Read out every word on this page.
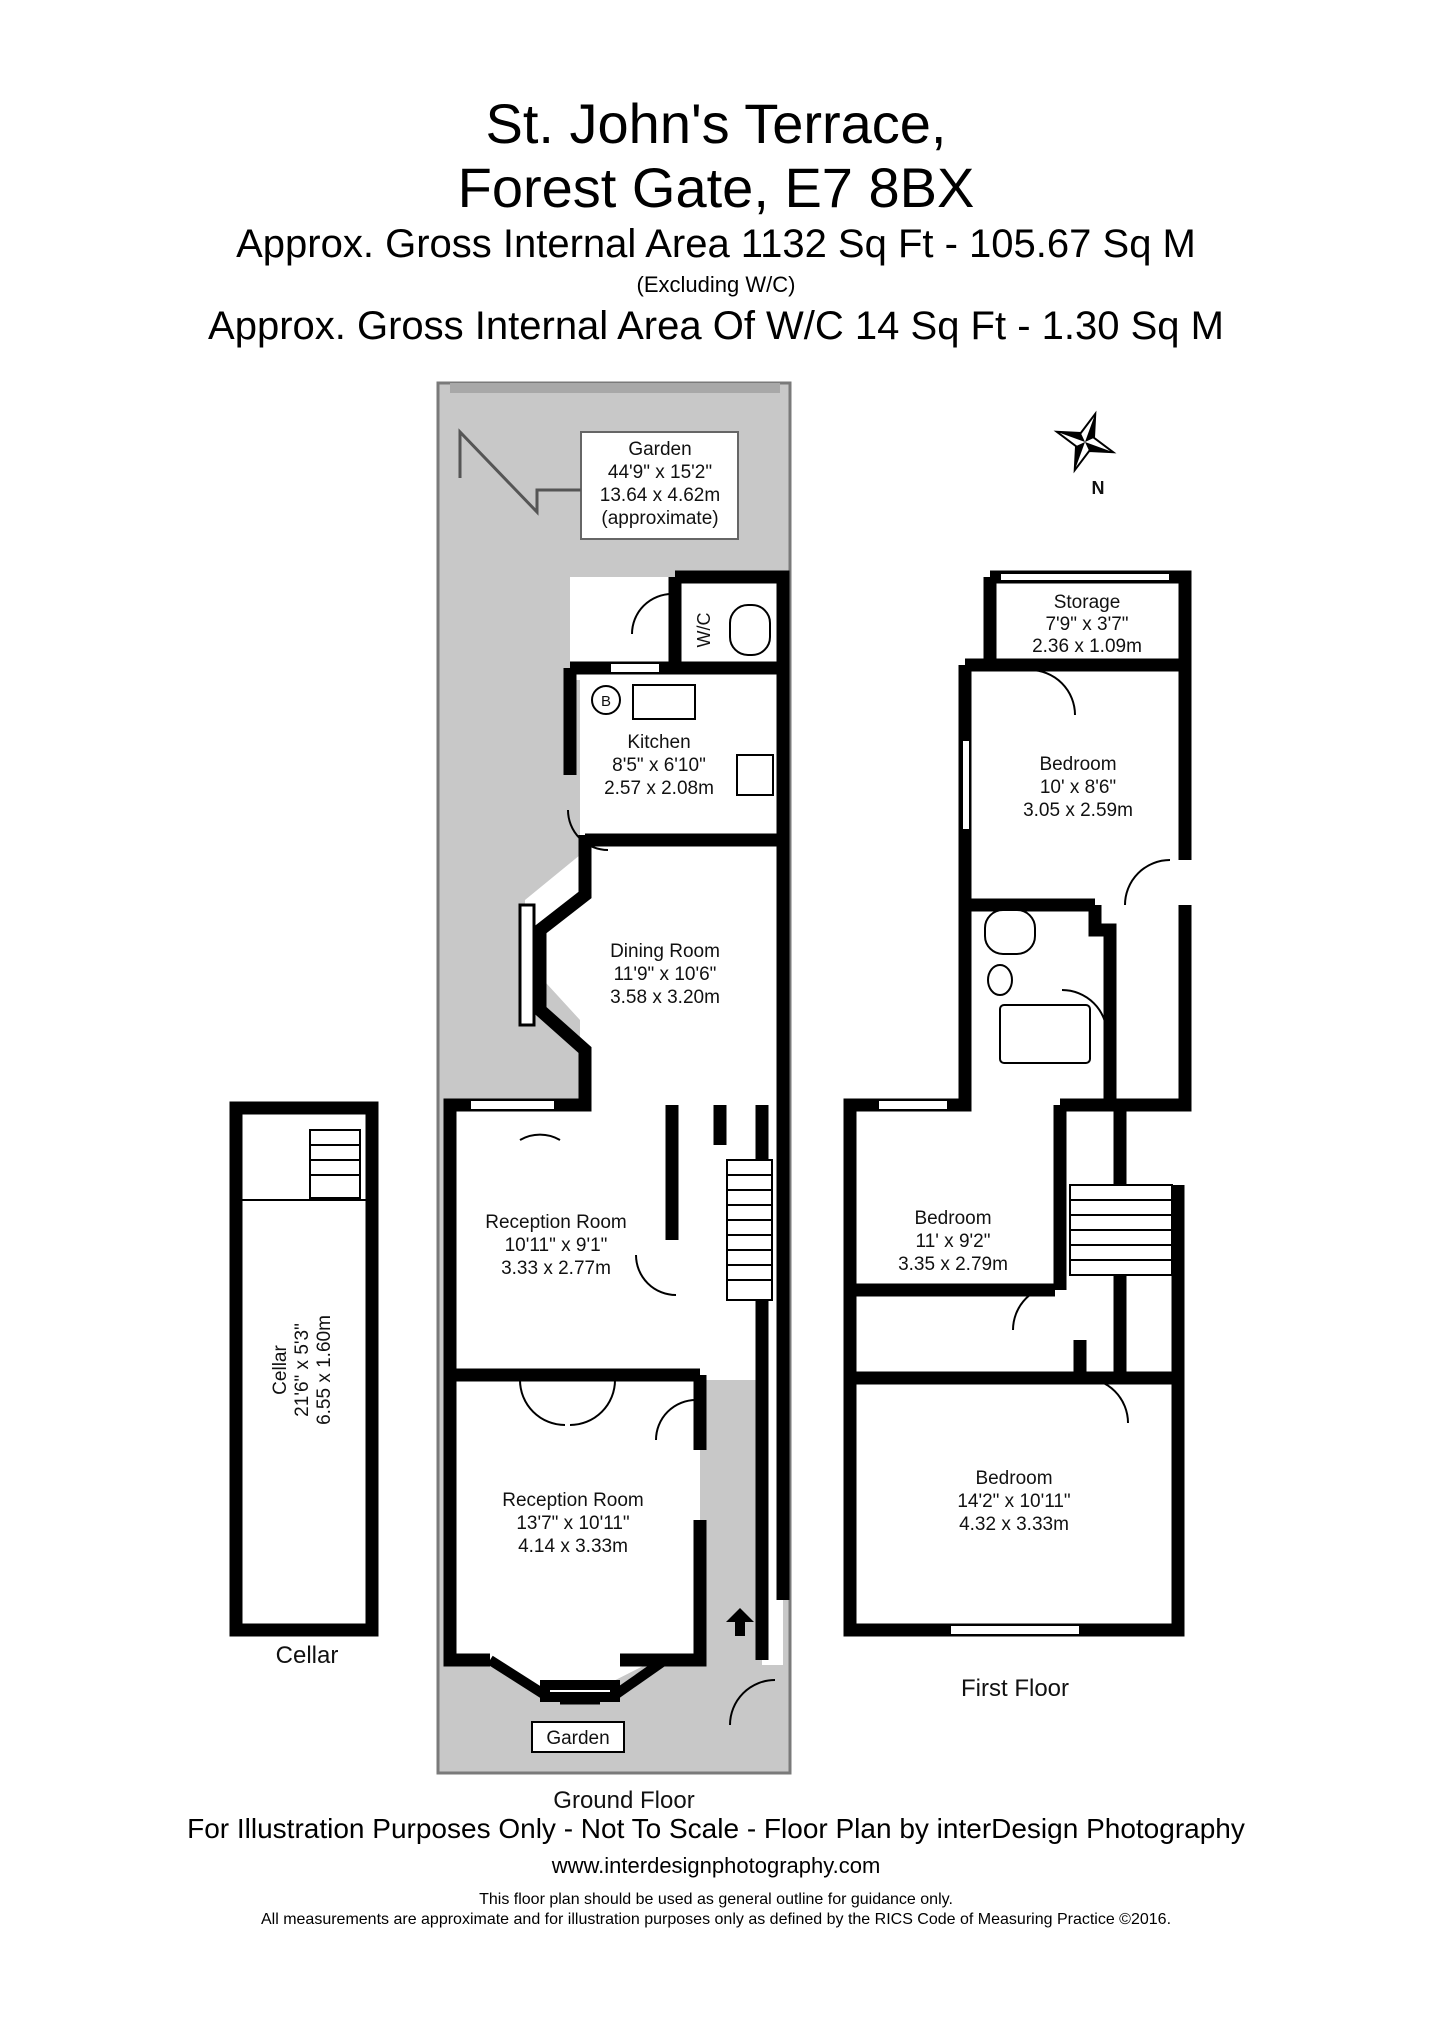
St. John's Terrace,
Forest Gate, E7 8BX
Approx. Gross Internal Area 1132 Sq Ft - 105.67 Sq M
(Excluding W/C)
Approx. Gross Internal Area Of W/C 14 Sq Ft - 1.30 Sq M
N
Garden
44'9" x 15'2"
13.64 x 4.62m
(approximate)
W/C
B
Kitchen
8'5" x 6'10"
2.57 x 2.08m
Dining Room
11'9" x 10'6"
3.58 x 3.20m
Reception Room
10'11" x 9'1"
3.33 x 2.77m
Reception Room
13'7" x 10'11"
4.14 x 3.33m
Garden
Cellar 21'6" x 5'3" 6.55 x 1.60m
Storage
7'9" x 3'7"
2.36 x 1.09m
Bedroom
10' x 8'6"
3.05 x 2.59m
Bedroom
11' x 9'2"
3.35 x 2.79m
Bedroom
14'2" x 10'11"
4.32 x 3.33m
Cellar
Ground Floor
First Floor
For Illustration Purposes Only - Not To Scale - Floor Plan by interDesign Photography
www.interdesignphotography.com
This floor plan should be used as general outline for guidance only.
All measurements are approximate and for illustration purposes only as defined by the RICS Code of Measuring Practice ©2016.
